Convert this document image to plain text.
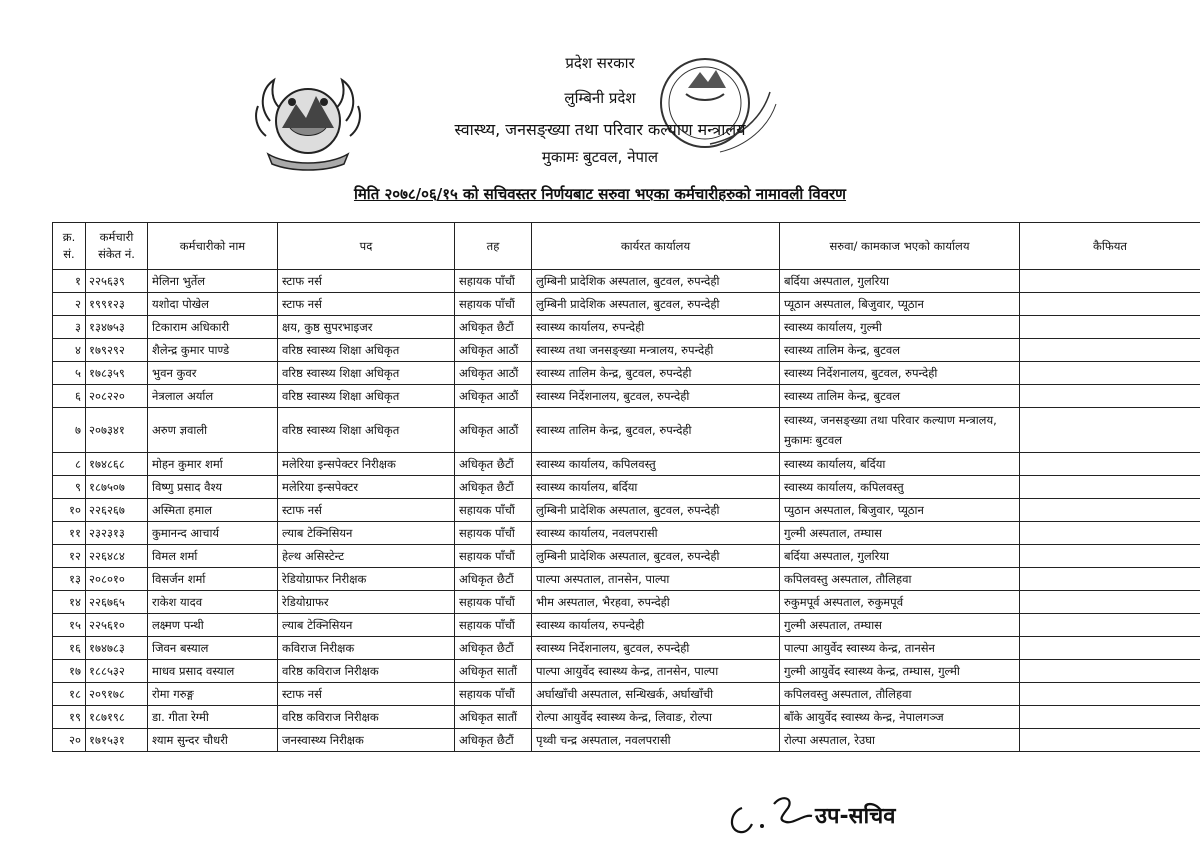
प्रदेश सरकार
लुम्बिनी प्रदेश
स्वास्थ्य, जनसङ्ख्या तथा परिवार कल्याण मन्त्रालय
मुकामः बुटवल, नेपाल
मिति २०७८/०६/१५ को सचिवस्तर निर्णयबाट सरुवा भएका कर्मचारीहरुको नामावली विवरण
क्र. सं.	कर्मचारी संकेत नं.	कर्मचारीको नाम	पद	तह	कार्यरत कार्यालय	सरुवा/ कामकाज भएको कार्यालय	कैफियत
१	२२५६३९	मेलिना भुर्तेल	स्टाफ नर्स	सहायक पाँचौं	लुम्बिनी प्रादेशिक अस्पताल, बुटवल, रुपन्देही	बर्दिया अस्पताल, गुलरिया	
२	१९९१२३	यशोदा पोखेल	स्टाफ नर्स	सहायक पाँचौं	लुम्बिनी प्रादेशिक अस्पताल, बुटवल, रुपन्देही	प्यूठान अस्पताल, बिजुवार, प्यूठान	
३	१३४७५३	टिकाराम अधिकारी	क्षय, कुष्ठ सुपरभाइजर	अधिकृत छैटौं	स्वास्थ्य कार्यालय, रुपन्देही	स्वास्थ्य कार्यालय, गुल्मी	
४	१७९२९२	शैलेन्द्र कुमार पाण्डे	वरिष्ठ स्वास्थ्य शिक्षा अधिकृत	अधिकृत आठौं	स्वास्थ्य तथा जनसङ्ख्या मन्त्रालय, रुपन्देही	स्वास्थ्य तालिम केन्द्र, बुटवल	
५	१७८३५९	भुवन कुवर	वरिष्ठ स्वास्थ्य शिक्षा अधिकृत	अधिकृत आठौं	स्वास्थ्य तालिम केन्द्र, बुटवल, रुपन्देही	स्वास्थ्य निर्देशनालय, बुटवल, रुपन्देही	
६	२०८२२०	नेत्रलाल अर्याल	वरिष्ठ स्वास्थ्य शिक्षा अधिकृत	अधिकृत आठौं	स्वास्थ्य निर्देशनालय, बुटवल, रुपन्देही	स्वास्थ्य तालिम केन्द्र, बुटवल	
७	२०७३४१	अरुण ज्ञवाली	वरिष्ठ स्वास्थ्य शिक्षा अधिकृत	अधिकृत आठौं	स्वास्थ्य तालिम केन्द्र, बुटवल, रुपन्देही	स्वास्थ्य, जनसङ्ख्या तथा परिवार कल्याण मन्त्रालय, मुकामः बुटवल	
८	१७४८६८	मोहन कुमार शर्मा	मलेरिया इन्सपेक्टर निरीक्षक	अधिकृत छैटौं	स्वास्थ्य कार्यालय, कपिलवस्तु	स्वास्थ्य कार्यालय, बर्दिया	
९	१८७५०७	विष्णु प्रसाद वैश्य	मलेरिया इन्सपेक्टर	अधिकृत छैटौं	स्वास्थ्य कार्यालय, बर्दिया	स्वास्थ्य कार्यालय, कपिलवस्तु	
१०	२२६२६७	अस्मिता हमाल	स्टाफ नर्स	सहायक पाँचौं	लुम्बिनी प्रादेशिक अस्पताल, बुटवल, रुपन्देही	प्युठान अस्पताल, बिजुवार, प्यूठान	
११	२३२३१३	कुमानन्द आचार्य	ल्याब टेक्निसियन	सहायक पाँचौं	स्वास्थ्य कार्यालय, नवलपरासी	गुल्मी अस्पताल, तम्घास	
१२	२२६४८४	विमल शर्मा	हेल्थ असिस्टेन्ट	सहायक पाँचौं	लुम्बिनी प्रादेशिक अस्पताल, बुटवल, रुपन्देही	बर्दिया अस्पताल, गुलरिया	
१३	२०८०१०	विसर्जन शर्मा	रेडियोग्राफर निरीक्षक	अधिकृत छैटौं	पाल्पा अस्पताल, तानसेन, पाल्पा	कपिलवस्तु अस्पताल, तौलिहवा	
१४	२२६७६५	राकेश यादव	रेडियोग्राफर	सहायक पाँचौं	भीम अस्पताल, भैरहवा, रुपन्देही	रुकुमपूर्व अस्पताल, रुकुमपूर्व	
१५	२२५६१०	लक्ष्मण पन्थी	ल्याब टेक्निसियन	सहायक पाँचौं	स्वास्थ्य कार्यालय, रुपन्देही	गुल्मी अस्पताल, तम्घास	
१६	१७४७८३	जिवन बस्याल	कविराज निरीक्षक	अधिकृत छैटौं	स्वास्थ्य निर्देशनालय, बुटवल, रुपन्देही	पाल्पा आयुर्वेद स्वास्थ्य केन्द्र, तानसेन	
१७	१८८५३२	माधव प्रसाद वस्याल	वरिष्ठ कविराज निरीक्षक	अधिकृत सातौं	पाल्पा आयुर्वेद स्वास्थ्य केन्द्र, तानसेन, पाल्पा	गुल्मी आयुर्वेद स्वास्थ्य केन्द्र, तम्घास, गुल्मी	
१८	२०९१७८	रोमा गरुङ्ग	स्टाफ नर्स	सहायक पाँचौं	अर्घाखाँची अस्पताल, सन्धिखर्क, अर्घाखाँची	कपिलवस्तु अस्पताल, तौलिहवा	
१९	१८७१९८	डा. गीता रेग्मी	वरिष्ठ कविराज निरीक्षक	अधिकृत सातौं	रोल्पा आयुर्वेद स्वास्थ्य केन्द्र, लिवाङ, रोल्पा	बाँके आयुर्वेद स्वास्थ्य केन्द्र, नेपालगञ्ज	
२०	१७१५३१	श्याम सुन्दर चौधरी	जनस्वास्थ्य निरीक्षक	अधिकृत छैटौं	पृथ्वी चन्द्र अस्पताल, नवलपरासी	रोल्पा अस्पताल, रेउघा	
उप-सचिव
